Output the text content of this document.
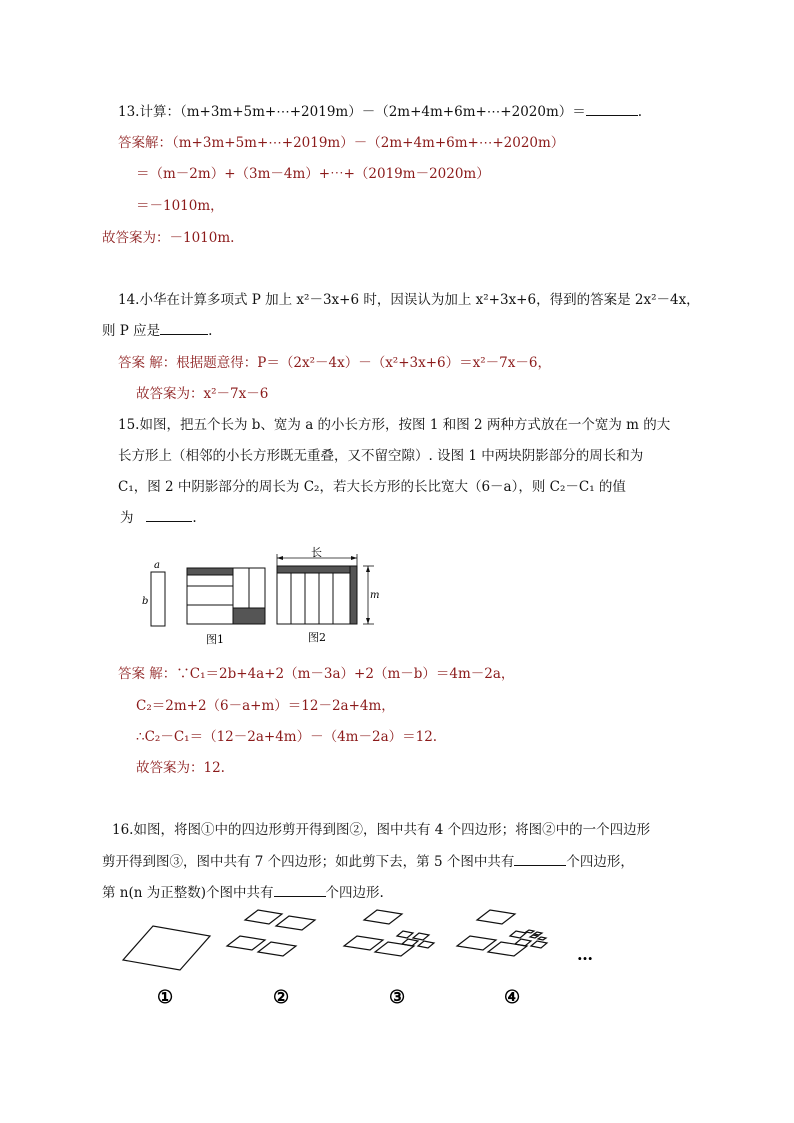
13.计算：（m+3m+5m+⋯+2019m）－（2m+4m+6m+⋯+2020m）＝	.
答案解：（m+3m+5m+⋯+2019m）－（2m+4m+6m+⋯+2020m）
＝（m－2m）+（3m－4m）+⋯+（2019m－2020m）
＝－1010m，
故答案为：－1010m.
14.小华在计算多项式 P 加上 x²－3x+6 时，因误认为加上 x²+3x+6，得到的答案是 2x²－4x，
则 P 应是	.
答案 解：根据题意得：P＝（2x²－4x）－（x²+3x+6）＝x²－7x－6，
故答案为：x²－7x－6
15.如图，把五个长为 b、宽为 a 的小长方形，按图 1 和图 2 两种方式放在一个宽为 m 的大
长方形上（相邻的小长方形既无重叠，又不留空隙）. 设图 1 中两块阴影部分的周长和为
C₁，图 2 中阴影部分的周长为 C₂，若大长方形的长比宽大（6－a），则 C₂－C₁ 的值
为	.
a
b
图1
长
m
图2
答案 解：∵C₁＝2b+4a+2（m－3a）+2（m－b）＝4m－2a，
C₂＝2m+2（6－a+m）＝12－2a+4m，
∴C₂－C₁＝（12－2a+4m）－（4m－2a）＝12.
故答案为：12.
16.如图，将图①中的四边形剪开得到图②，图中共有 4 个四边形；将图②中的一个四边形
剪开得到图③，图中共有 7 个四边形；如此剪下去，第 5 个图中共有	个四边形，
第 n(n 为正整数)个图中共有	个四边形.
…
①	②	③	④
